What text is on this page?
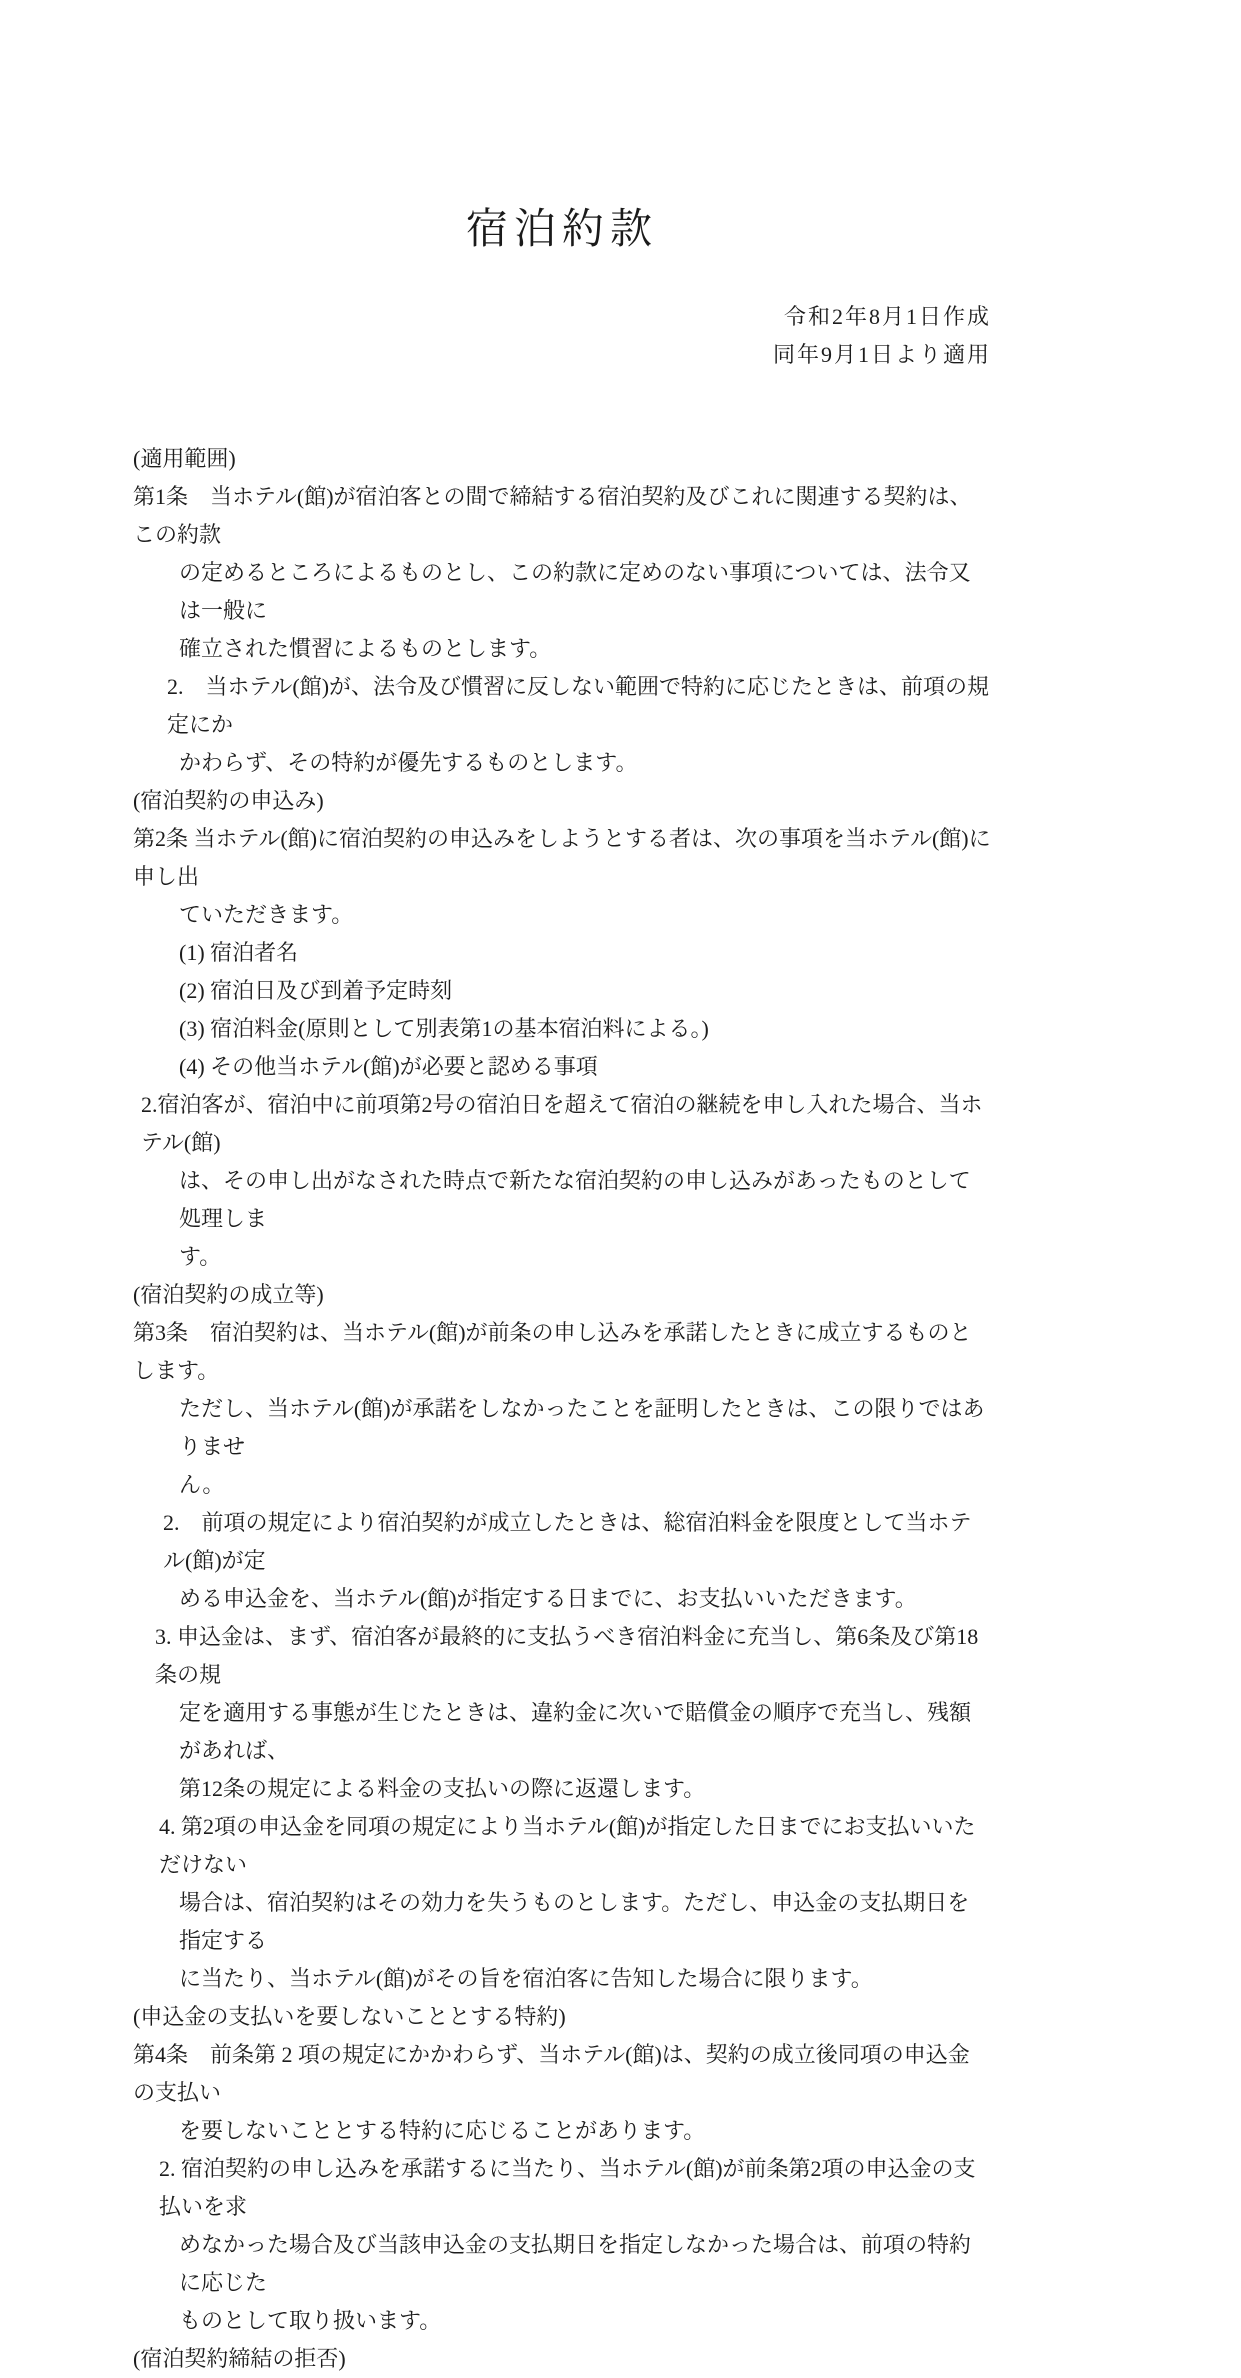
宿泊約款
令和2年8月1日作成
同年9月1日より適用
(適用範囲)
第1条　当ホテル(館)が宿泊客との間で締結する宿泊契約及びこれに関連する契約は、この約款
の定めるところによるものとし、この約款に定めのない事項については、法令又は一般に
確立された慣習によるものとします。
2.　当ホテル(館)が、法令及び慣習に反しない範囲で特約に応じたときは、前項の規定にか
かわらず、その特約が優先するものとします。
(宿泊契約の申込み)
第2条 当ホテル(館)に宿泊契約の申込みをしようとする者は、次の事項を当ホテル(館)に申し出
ていただきます。
(1) 宿泊者名
(2) 宿泊日及び到着予定時刻
(3) 宿泊料金(原則として別表第1の基本宿泊料による。)
(4) その他当ホテル(館)が必要と認める事項
2.宿泊客が、宿泊中に前項第2号の宿泊日を超えて宿泊の継続を申し入れた場合、当ホテル(館)
は、その申し出がなされた時点で新たな宿泊契約の申し込みがあったものとして処理しま
す。
(宿泊契約の成立等)
第3条　宿泊契約は、当ホテル(館)が前条の申し込みを承諾したときに成立するものとします。
ただし、当ホテル(館)が承諾をしなかったことを証明したときは、この限りではありませ
ん。
2.　前項の規定により宿泊契約が成立したときは、総宿泊料金を限度として当ホテル(館)が定
める申込金を、当ホテル(館)が指定する日までに、お支払いいただきます。
3. 申込金は、まず、宿泊客が最終的に支払うべき宿泊料金に充当し、第6条及び第18条の規
定を適用する事態が生じたときは、違約金に次いで賠償金の順序で充当し、残額があれば、
第12条の規定による料金の支払いの際に返還します。
4. 第2項の申込金を同項の規定により当ホテル(館)が指定した日までにお支払いいただけない
場合は、宿泊契約はその効力を失うものとします。ただし、申込金の支払期日を指定する
に当たり、当ホテル(館)がその旨を宿泊客に告知した場合に限ります。
(申込金の支払いを要しないこととする特約)
第4条　前条第 2 項の規定にかかわらず、当ホテル(館)は、契約の成立後同項の申込金の支払い
を要しないこととする特約に応じることがあります。
2. 宿泊契約の申し込みを承諾するに当たり、当ホテル(館)が前条第2項の申込金の支払いを求
めなかった場合及び当該申込金の支払期日を指定しなかった場合は、前項の特約に応じた
ものとして取り扱います。
(宿泊契約締結の拒否)
